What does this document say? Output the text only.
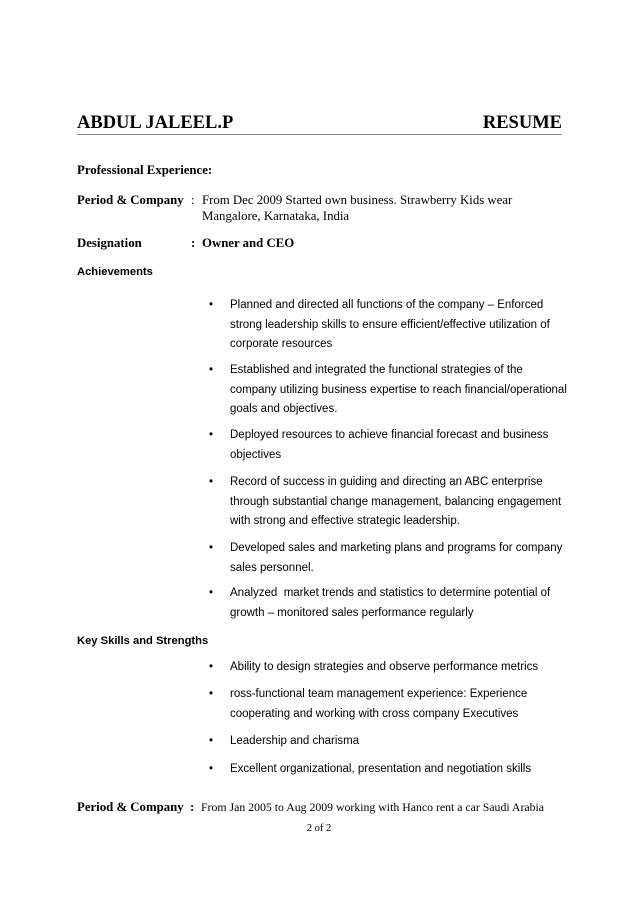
ABDUL JALEEL.P	RESUME
Professional Experience:
Period & Company : From Dec 2009 Started own business. Strawberry Kids wear
Mangalore, Karnataka, India
Designation	: Owner and CEO
Achievements
• Planned and directed all functions of the company – Enforced
strong leadership skills to ensure efficient/effective utilization of
corporate resources
• Established and integrated the functional strategies of the
company utilizing business expertise to reach financial/operational
goals and objectives.
• Deployed resources to achieve financial forecast and business
objectives
• Record of success in guiding and directing an ABC enterprise
through substantial change management, balancing engagement
with strong and effective strategic leadership.
• Developed sales and marketing plans and programs for company
sales personnel.
• Analyzed  market trends and statistics to determine potential of
growth – monitored sales performance regularly
Key Skills and Strengths
• Ability to design strategies and observe performance metrics
• ross-functional team management experience: Experience
cooperating and working with cross company Executives
• Leadership and charisma
• Excellent organizational, presentation and negotiation skills
Period & Company : From Jan 2005 to Aug 2009 working with Hanco rent a car Saudi Arabia
2 of 2
